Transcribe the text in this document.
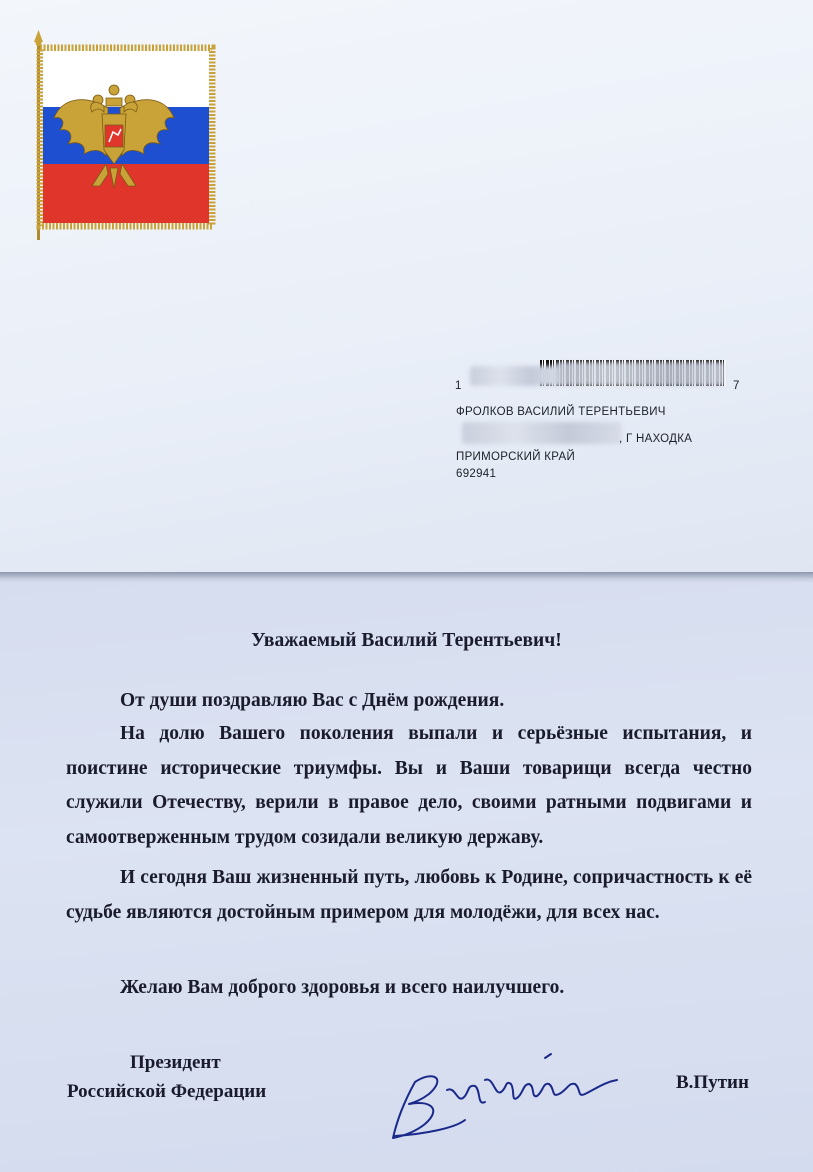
1	7
ФРОЛКОВ ВАСИЛИЙ ТЕРЕНТЬЕВИЧ
, Г НАХОДКА
ПРИМОРСКИЙ КРАЙ
692941
Уважаемый Василий Терентьевич!
От души поздравляю Вас с Днём рождения.
На долю Вашего поколения выпали и серьёзные испытания, и поистине исторические триумфы. Вы и Ваши товарищи всегда честно служили Отечеству, верили в правое дело, своими ратными подвигами и самоотверженным трудом созидали великую державу.
И сегодня Ваш жизненный путь, любовь к Родине, сопричастность к её судьбе являются достойным примером для молодёжи, для всех нас.
Желаю Вам доброго здоровья и всего наилучшего.
Президент
Российской Федерации	В.Путин
